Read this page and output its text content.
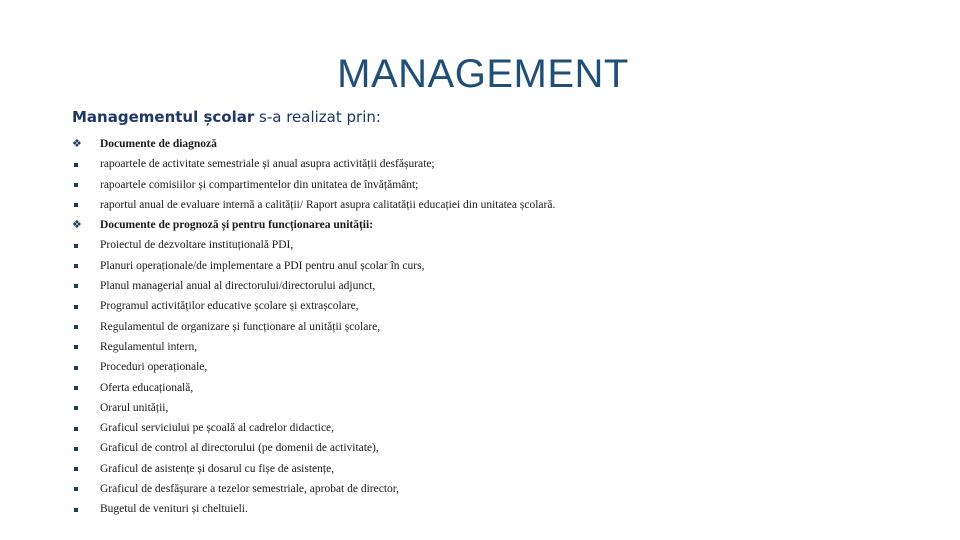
MANAGEMENT
Managementul școlar s-a realizat prin:
❖	Documente de diagnoză
rapoartele de activitate semestriale și anual asupra activității desfășurate;
rapoartele comisiilor și compartimentelor din unitatea de învățământ;
raportul anual de evaluare internă a calității/ Raport asupra calitatății educației din unitatea școlară.
❖	Documente de prognoză și pentru funcționarea unității:
Proiectul de dezvoltare instituțională PDI,
Planuri operaționale/de implementare a PDI pentru anul școlar în curs,
Planul managerial anual al directorului/directorului adjunct,
Programul activităților educative școlare și extrașcolare,
Regulamentul de organizare și funcționare al unității școlare,
Regulamentul intern,
Proceduri operaționale,
Oferta educațională,
Orarul unității,
Graficul serviciului pe școală al cadrelor didactice,
Graficul de control al directorului (pe domenii de activitate),
Graficul de asistențe și dosarul cu fișe de asistențe,
Graficul de desfășurare a tezelor semestriale, aprobat de director,
Bugetul de venituri și cheltuieli.
